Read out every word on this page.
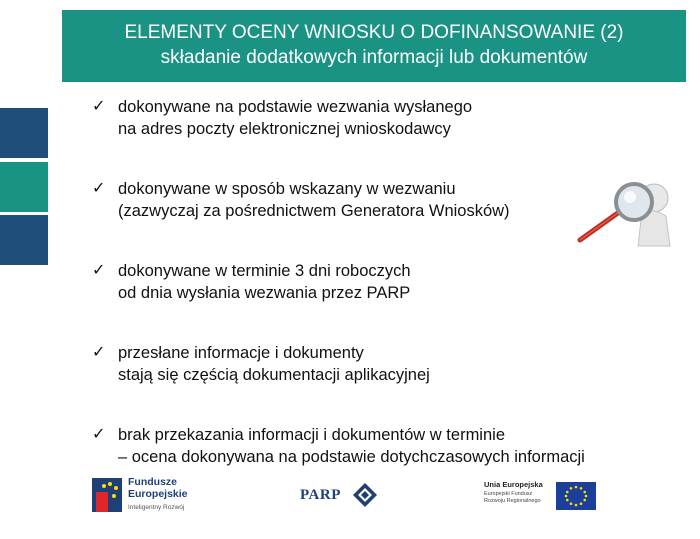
ELEMENTY OCENY WNIOSKU O DOFINANSOWANIE (2)
składanie dodatkowych informacji lub dokumentów
✓ dokonywane na podstawie wezwania wysłanego
na adres poczty elektronicznej wnioskodawcy
✓ dokonywane w sposób wskazany w wezwaniu
(zazwyczaj za pośrednictwem Generatora Wniosków)
✓ dokonywane w terminie 3 dni roboczych
od dnia wysłania wezwania przez PARP
✓ przesłane informacje i dokumenty
stają się częścią dokumentacji aplikacyjnej
✓ brak przekazania informacji i dokumentów w terminie
– ocena dokonywana na podstawie dotychczasowych informacji
Fundusze
Europejskie
Inteligentny Rozwój
PARP
Unia Europejska
Europejski Fundusz Rozwoju Regionalnego
